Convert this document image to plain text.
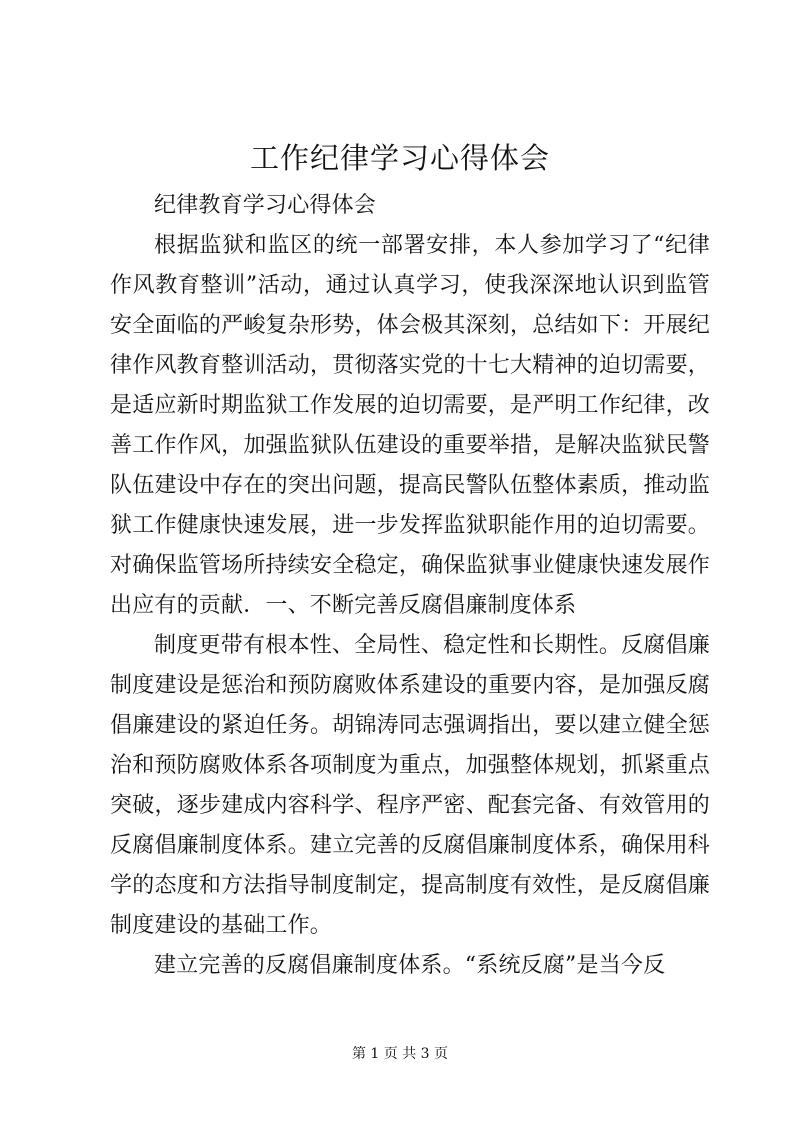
工作纪律学习心得体会

纪律教育学习心得体会

根据监狱和监区的统一部署安排，本人参加学习了“纪律作风教育整训”活动，通过认真学习，使我深深地认识到监管安全面临的严峻复杂形势，体会极其深刻，总结如下：开展纪律作风教育整训活动，贯彻落实党的十七大精神的迫切需要，是适应新时期监狱工作发展的迫切需要，是严明工作纪律，改善工作作风，加强监狱队伍建设的重要举措，是解决监狱民警队伍建设中存在的突出问题，提高民警队伍整体素质，推动监狱工作健康快速发展，进一步发挥监狱职能作用的迫切需要。对确保监管场所持续安全稳定，确保监狱事业健康快速发展作出应有的贡献．一、不断完善反腐倡廉制度体系

制度更带有根本性、全局性、稳定性和长期性。反腐倡廉制度建设是惩治和预防腐败体系建设的重要内容，是加强反腐倡廉建设的紧迫任务。胡锦涛同志强调指出，要以建立健全惩治和预防腐败体系各项制度为重点，加强整体规划，抓紧重点突破，逐步建成内容科学、程序严密、配套完备、有效管用的反腐倡廉制度体系。建立完善的反腐倡廉制度体系，确保用科学的态度和方法指导制度制定，提高制度有效性，是反腐倡廉制度建设的基础工作。

建立完善的反腐倡廉制度体系。“系统反腐”是当今反

第 1 页 共 3 页
